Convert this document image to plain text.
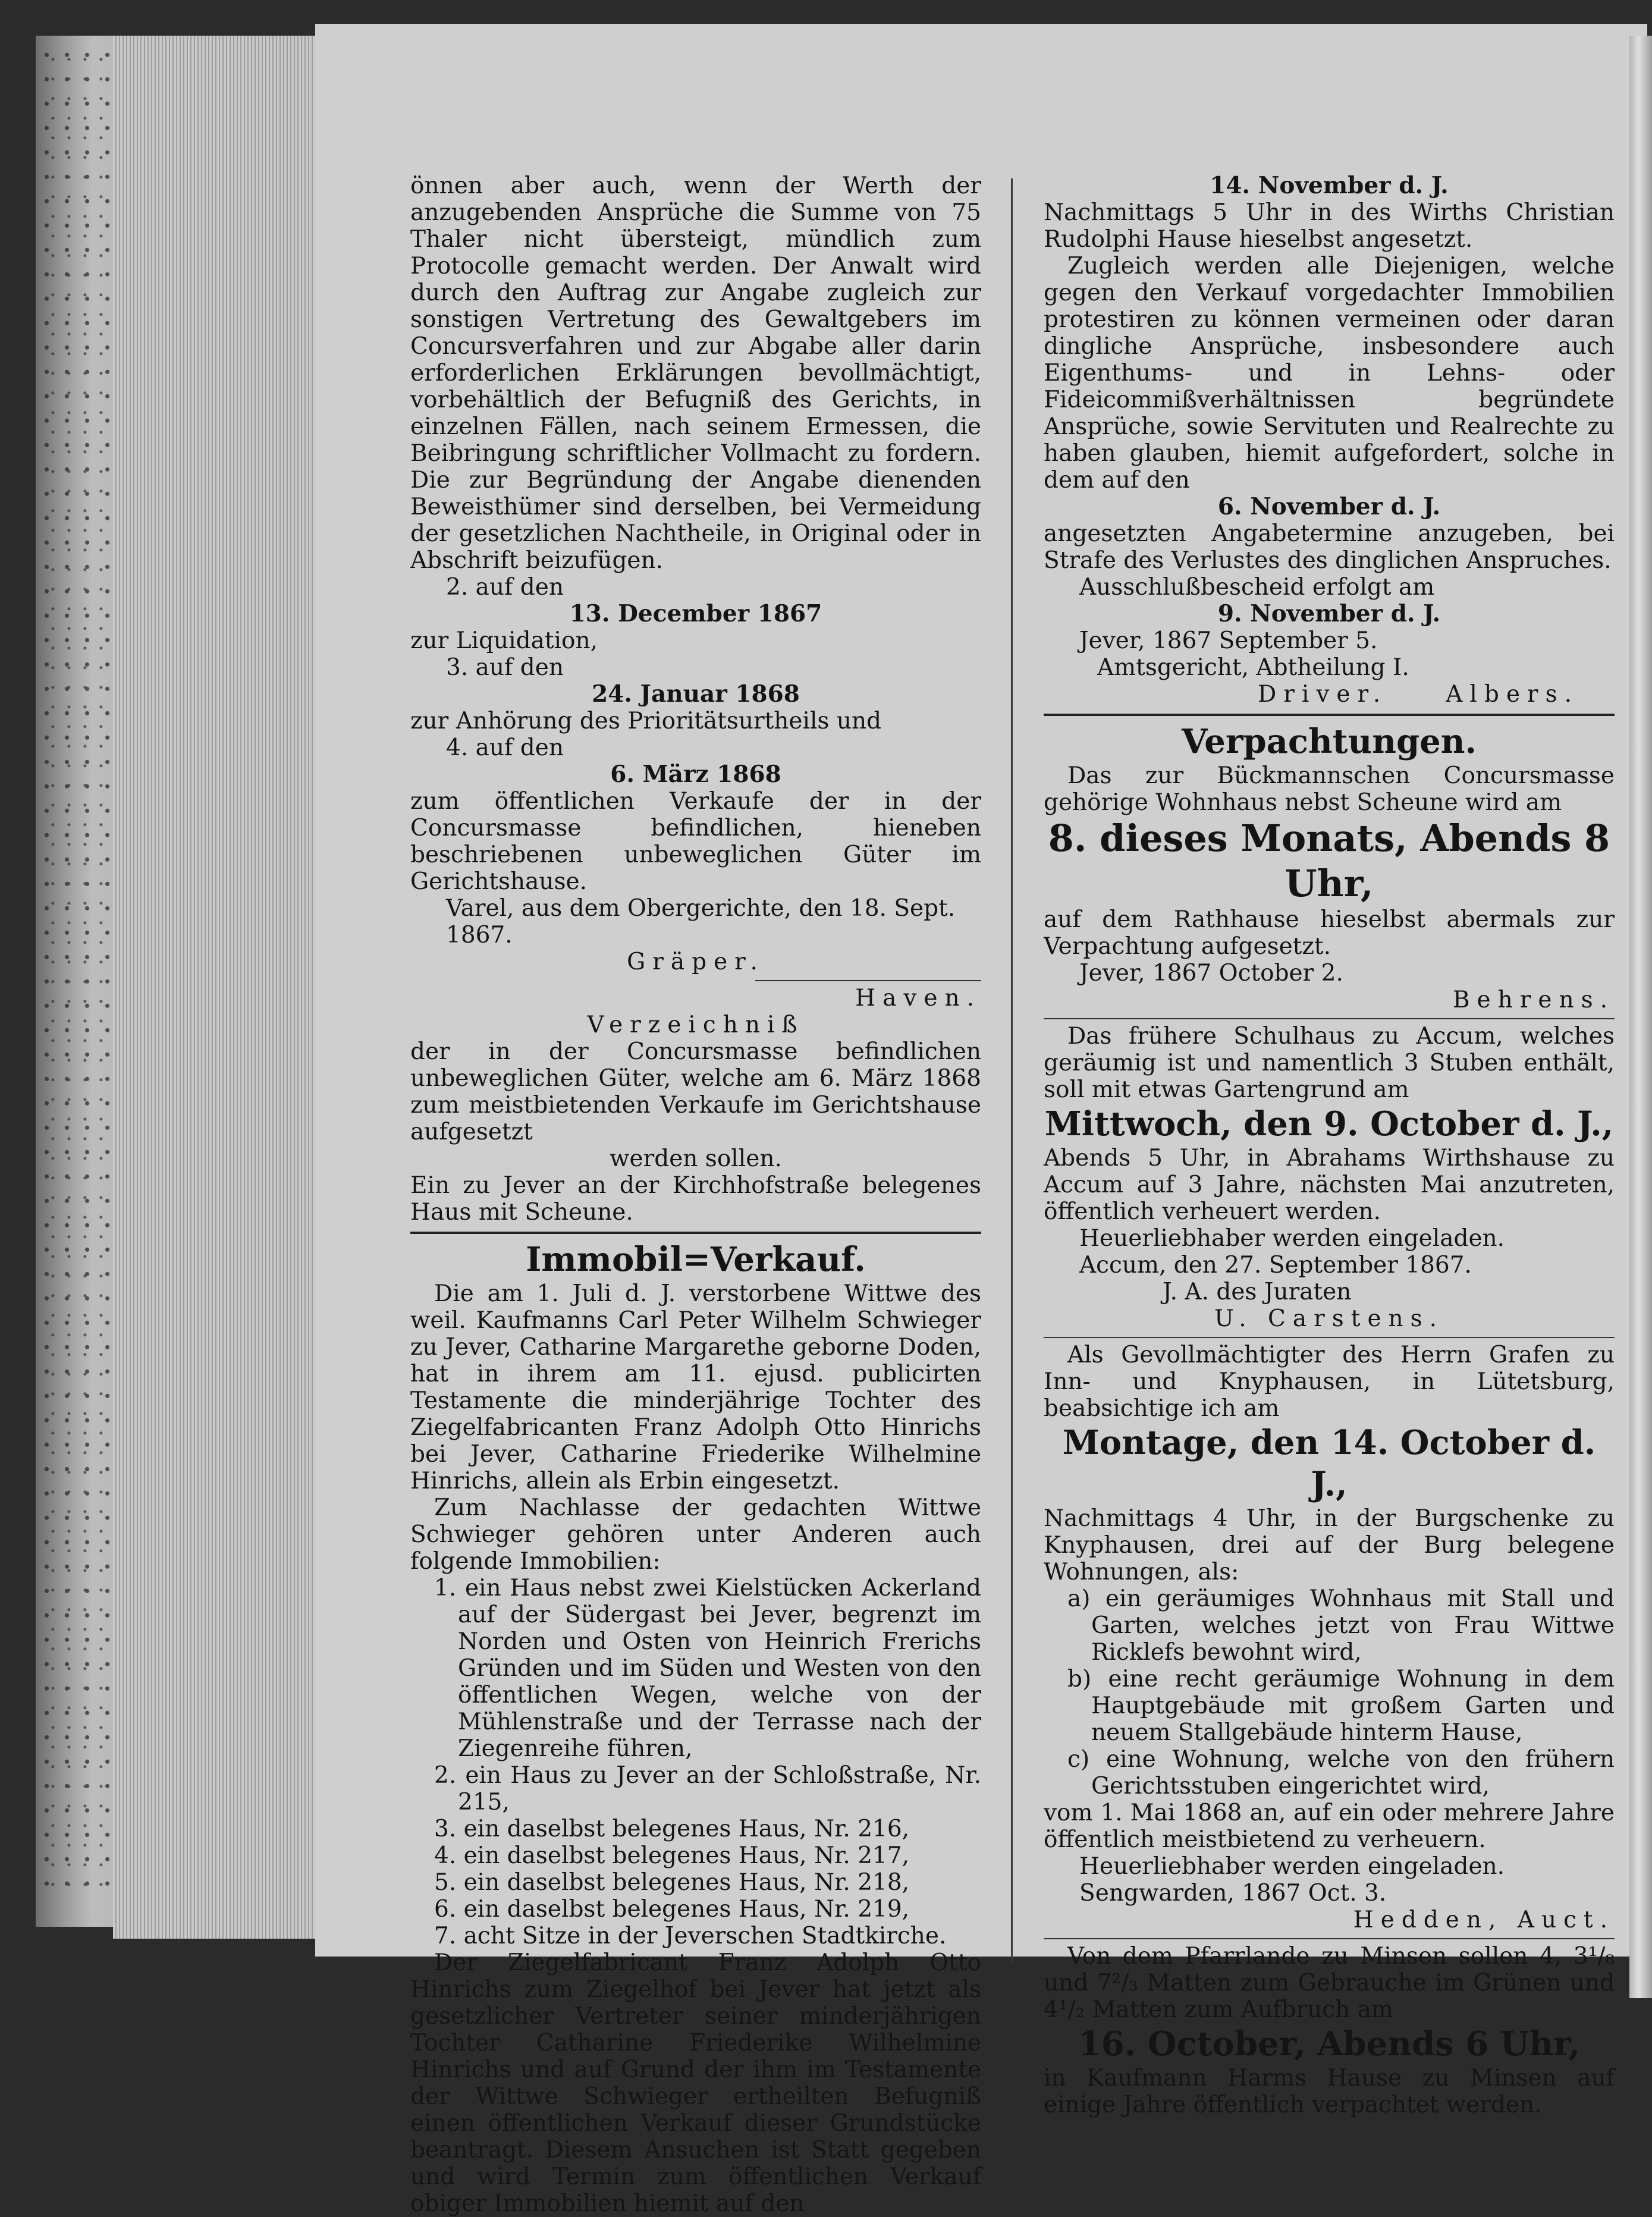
önnen aber auch, wenn der Werth der anzugebenden Ansprüche die Summe von 75 Thaler nicht übersteigt, mündlich zum Protocolle gemacht werden. Der Anwalt wird durch den Auftrag zur Angabe zugleich zur sonstigen Vertretung des Gewaltgebers im Concursverfahren und zur Abgabe aller darin erforderlichen Erklärungen bevollmächtigt, vorbehältlich der Befugniß des Gerichts, in einzelnen Fällen, nach seinem Ermessen, die Beibringung schriftlicher Vollmacht zu fordern. Die zur Begründung der Angabe dienenden Beweisthümer sind derselben, bei Vermeidung der gesetzlichen Nachtheile, in Original oder in Abschrift beizufügen.

2. auf den

13. December 1867

zur Liquidation,

3. auf den

24. Januar 1868

zur Anhörung des Prioritätsurtheils und

4. auf den

6. März 1868

zum öffentlichen Verkaufe der in der Concursmasse befindlichen, hieneben beschriebenen unbeweglichen Güter im Gerichtshause.

Varel, aus dem Obergerichte, den 18. Sept. 1867.

Gräper.

Haven.

Verzeichniß

der in der Concursmasse befindlichen unbeweglichen Güter, welche am 6. März 1868 zum meistbietenden Verkaufe im Gerichtshause aufgesetzt

werden sollen.

Ein zu Jever an der Kirchhofstraße belegenes Haus mit Scheune.

Immobil=Verkauf.

Die am 1. Juli d. J. verstorbene Wittwe des weil. Kaufmanns Carl Peter Wilhelm Schwieger zu Jever, Catharine Margarethe geborne Doden, hat in ihrem am 11. ejusd. publicirten Testamente die minderjährige Tochter des Ziegelfabricanten Franz Adolph Otto Hinrichs bei Jever, Catharine Friederike Wilhelmine Hinrichs, allein als Erbin eingesetzt.

Zum Nachlasse der gedachten Wittwe Schwieger gehören unter Anderen auch folgende Immobilien:

1. ein Haus nebst zwei Kielstücken Ackerland auf der Südergast bei Jever, begrenzt im Norden und Osten von Heinrich Frerichs Gründen und im Süden und Westen von den öffentlichen Wegen, welche von der Mühlenstraße und der Terrasse nach der Ziegenreihe führen,

2. ein Haus zu Jever an der Schloßstraße, Nr. 215,

3. ein daselbst belegenes Haus, Nr. 216,

4. ein daselbst belegenes Haus, Nr. 217,

5. ein daselbst belegenes Haus, Nr. 218,

6. ein daselbst belegenes Haus, Nr. 219,

7. acht Sitze in der Jeverschen Stadtkirche.

Der Ziegelfabricant Franz Adolph Otto Hinrichs zum Ziegelhof bei Jever hat jetzt als gesetzlicher Vertreter seiner minderjährigen Tochter Catharine Friederike Wilhelmine Hinrichs und auf Grund der ihm im Testamente der Wittwe Schwieger ertheilten Befugniß einen öffentlichen Verkauf dieser Grundstücke beantragt. Diesem Ansuchen ist Statt gegeben und wird Termin zum öffentlichen Verkauf obiger Immobilien hiemit auf den

14. November d. J.

Nachmittags 5 Uhr in des Wirths Christian Rudolphi Hause hieselbst angesetzt.

Zugleich werden alle Diejenigen, welche gegen den Verkauf vorgedachter Immobilien protestiren zu können vermeinen oder daran dingliche Ansprüche, insbesondere auch Eigenthums- und in Lehns- oder Fideicommißverhältnissen begründete Ansprüche, sowie Servituten und Realrechte zu haben glauben, hiemit aufgefordert, solche in dem auf den

6. November d. J.

angesetzten Angabetermine anzugeben, bei Strafe des Verlustes des dinglichen Anspruches.

Ausschlußbescheid erfolgt am

9. November d. J.

Jever, 1867 September 5.

Amtsgericht, Abtheilung I.

Driver.	Albers.

Verpachtungen.

Das zur Bückmannschen Concursmasse gehörige Wohnhaus nebst Scheune wird am

8. dieses Monats, Abends 8 Uhr,

auf dem Rathhause hieselbst abermals zur Verpachtung aufgesetzt.

Jever, 1867 October 2.

Behrens.

Das frühere Schulhaus zu Accum, welches geräumig ist und namentlich 3 Stuben enthält, soll mit etwas Gartengrund am

Mittwoch, den 9. October d. J.,

Abends 5 Uhr, in Abrahams Wirthshause zu Accum auf 3 Jahre, nächsten Mai anzutreten, öffentlich verheuert werden.

Heuerliebhaber werden eingeladen.

Accum, den 27. September 1867.

J. A. des Juraten

U. Carstens.

Als Gevollmächtigter des Herrn Grafen zu Inn- und Knyphausen, in Lütetsburg, beabsichtige ich am

Montage, den 14. October d. J.,

Nachmittags 4 Uhr, in der Burgschenke zu Knyphausen, drei auf der Burg belegene Wohnungen, als:

a) ein geräumiges Wohnhaus mit Stall und Garten, welches jetzt von Frau Wittwe Ricklefs bewohnt wird,

b) eine recht geräumige Wohnung in dem Hauptgebäude mit großem Garten und neuem Stallgebäude hinterm Hause,

c) eine Wohnung, welche von den frühern Gerichtsstuben eingerichtet wird,

vom 1. Mai 1868 an, auf ein oder mehrere Jahre öffentlich meistbietend zu verheuern.

Heuerliebhaber werden eingeladen.

Sengwarden, 1867 Oct. 3.

Hedden, Auct.

Von dem Pfarrlande zu Minsen sollen 4, 3¹/₈ und 7²/₃ Matten zum Gebrauche im Grünen und 4¹/₂ Matten zum Aufbruch am

16. October, Abends 6 Uhr,

in Kaufmann Harms Hause zu Minsen auf einige Jahre öffentlich verpachtet werden.
